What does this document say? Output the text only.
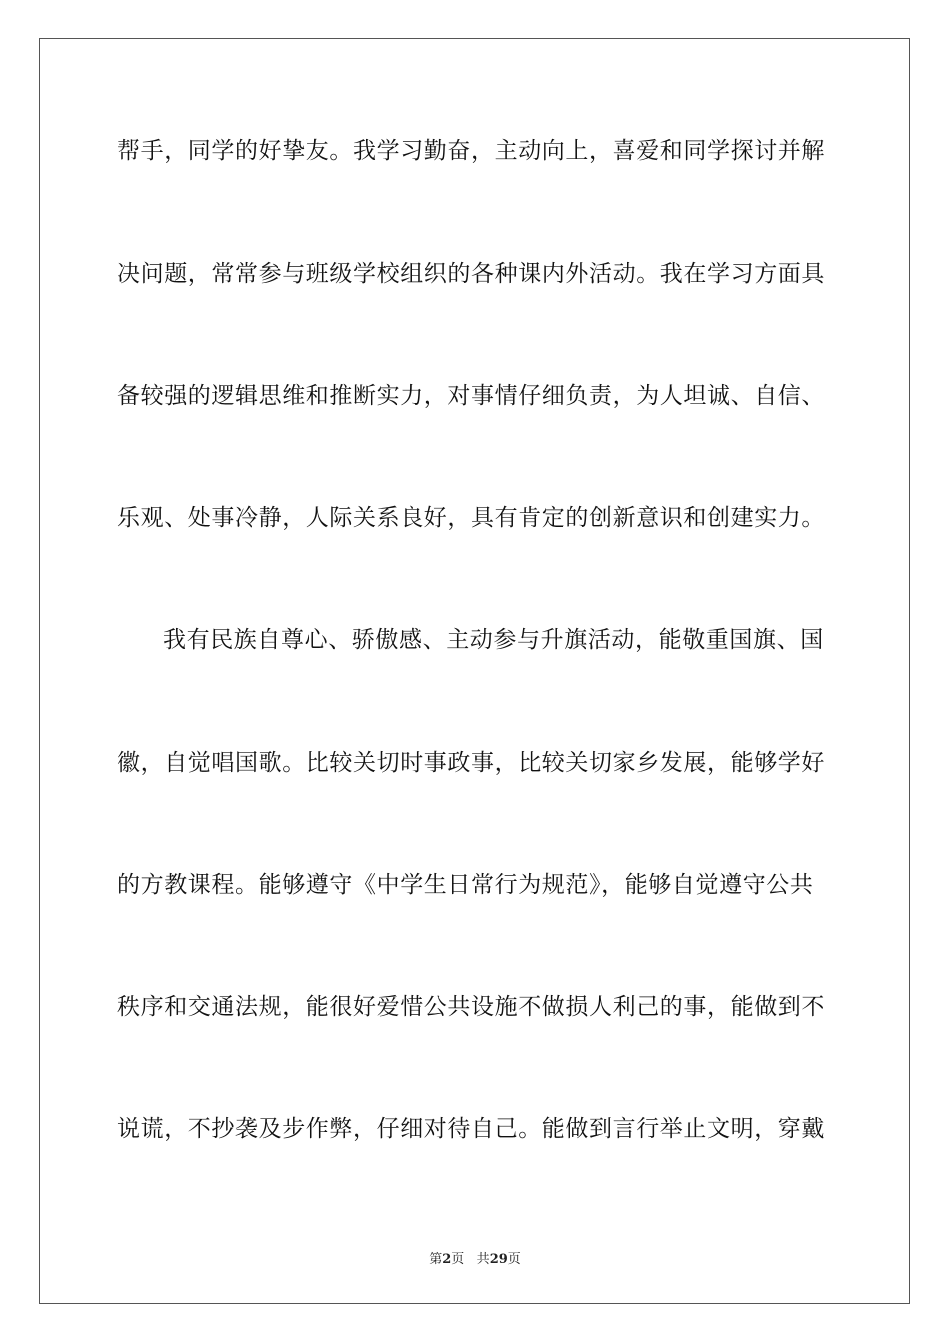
帮手，同学的好挚友。我学习勤奋，主动向上，喜爱和同学探讨并解
决问题，常常参与班级学校组织的各种课内外活动。我在学习方面具
备较强的逻辑思维和推断实力，对事情仔细负责，为人坦诚、自信、
乐观、处事冷静，人际关系良好，具有肯定的创新意识和创建实力。
我有民族自尊心、骄傲感、主动参与升旗活动，能敬重国旗、国
徽，自觉唱国歌。比较关切时事政事，比较关切家乡发展，能够学好
的方教课程。能够遵守《中学生日常行为规范》，能够自觉遵守公共
秩序和交通法规，能很好爱惜公共设施不做损人利己的事，能做到不
说谎，不抄袭及步作弊，仔细对待自己。能做到言行举止文明，穿戴
第2页 共29页
